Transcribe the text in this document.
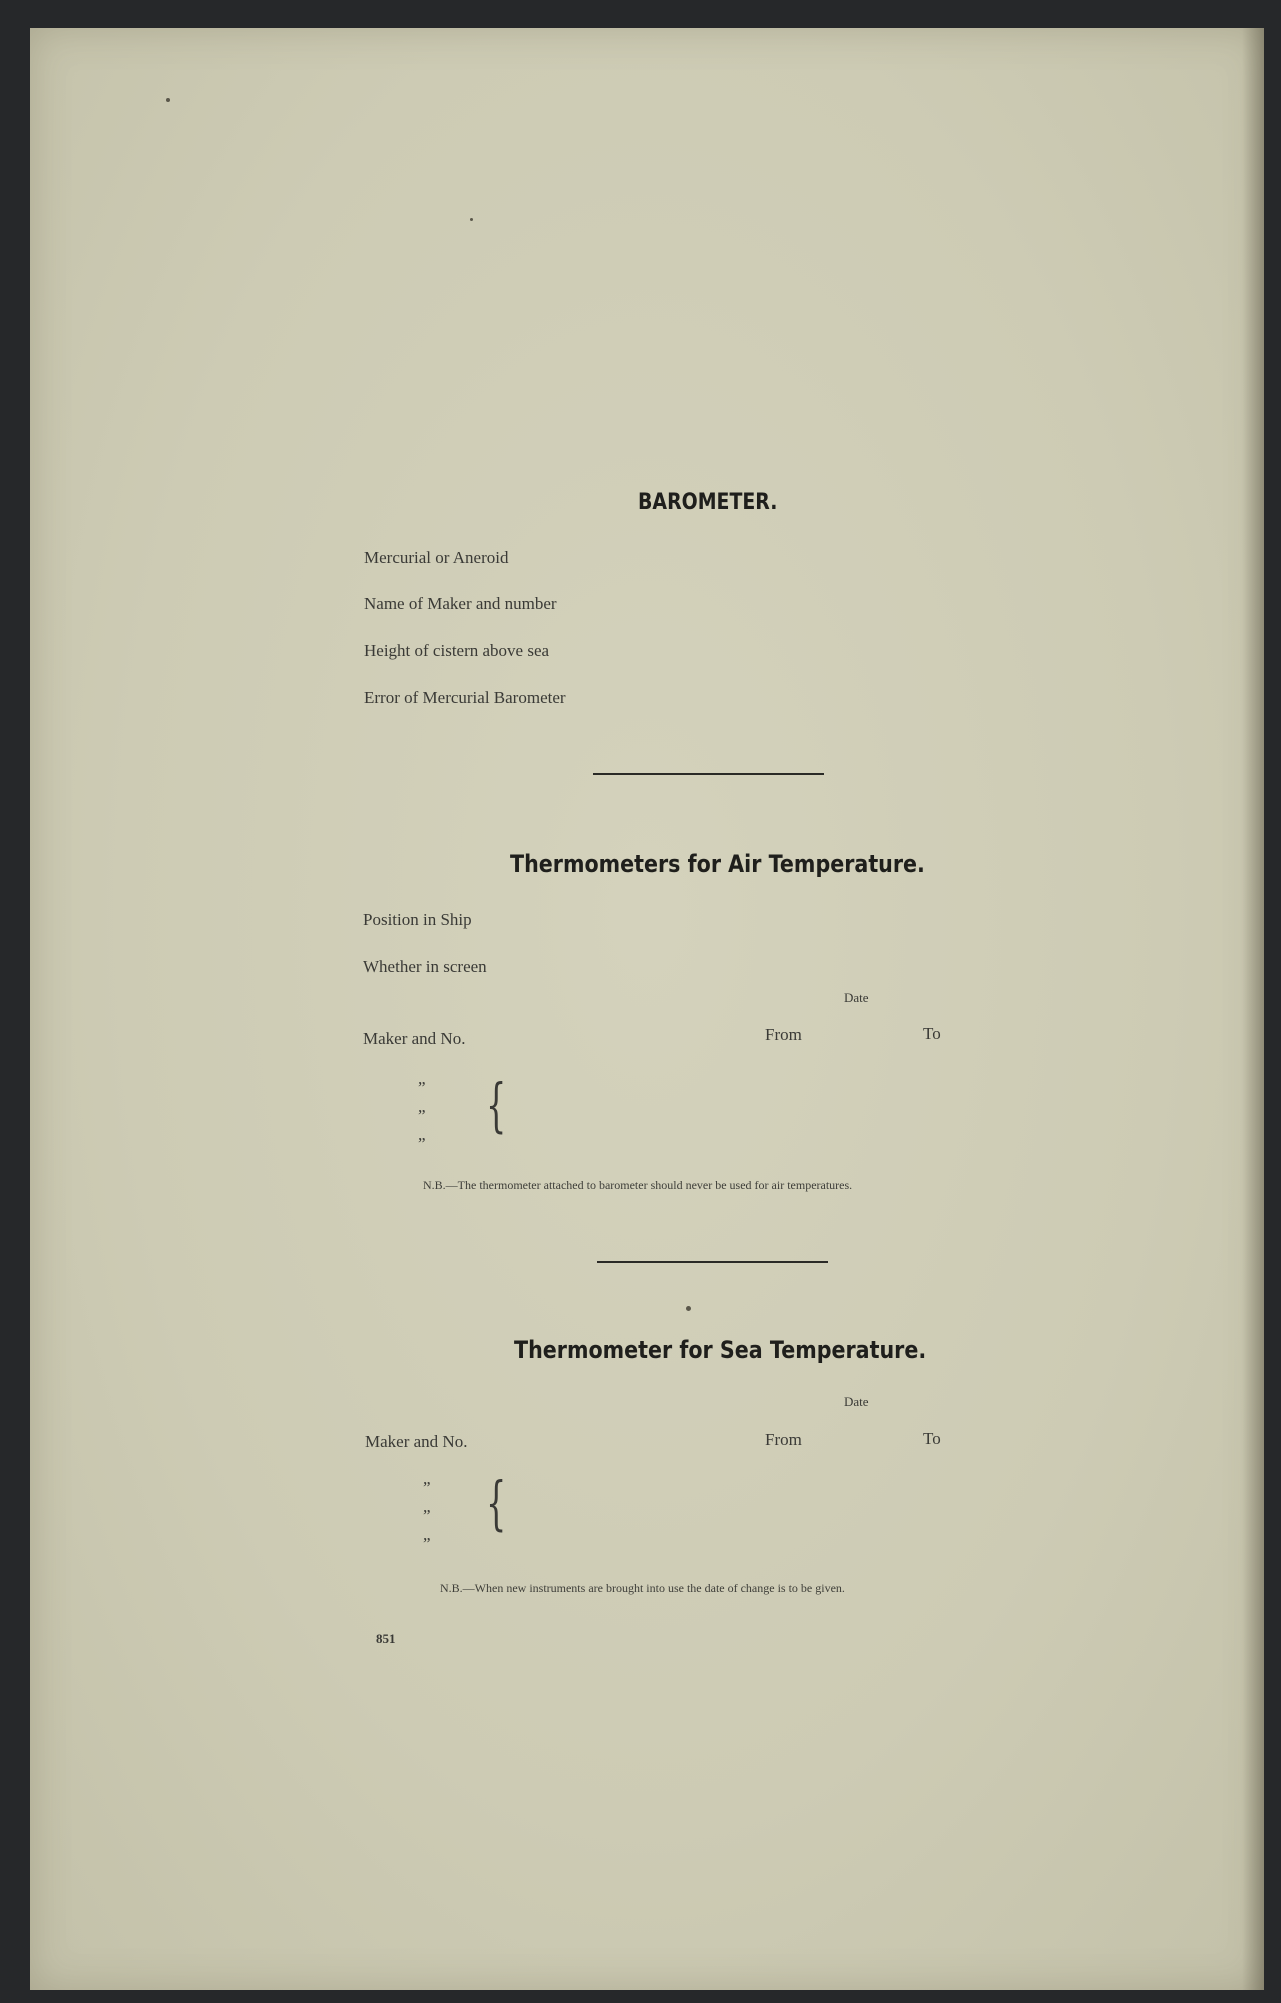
BAROMETER.

Mercurial or Aneroid

Name of Maker and number

Height of cistern above sea

Error of Mercurial Barometer

Thermometers for Air Temperature.

Position in Ship

Whether in screen

Date

Maker and No.	From	To

”

”

”

{

N.B.—The thermometer attached to barometer should never be used for air temperatures.

Thermometer for Sea Temperature.

Date

Maker and No.	From	To

”

”

”

{

N.B.—When new instruments are brought into use the date of change is to be given.

851
